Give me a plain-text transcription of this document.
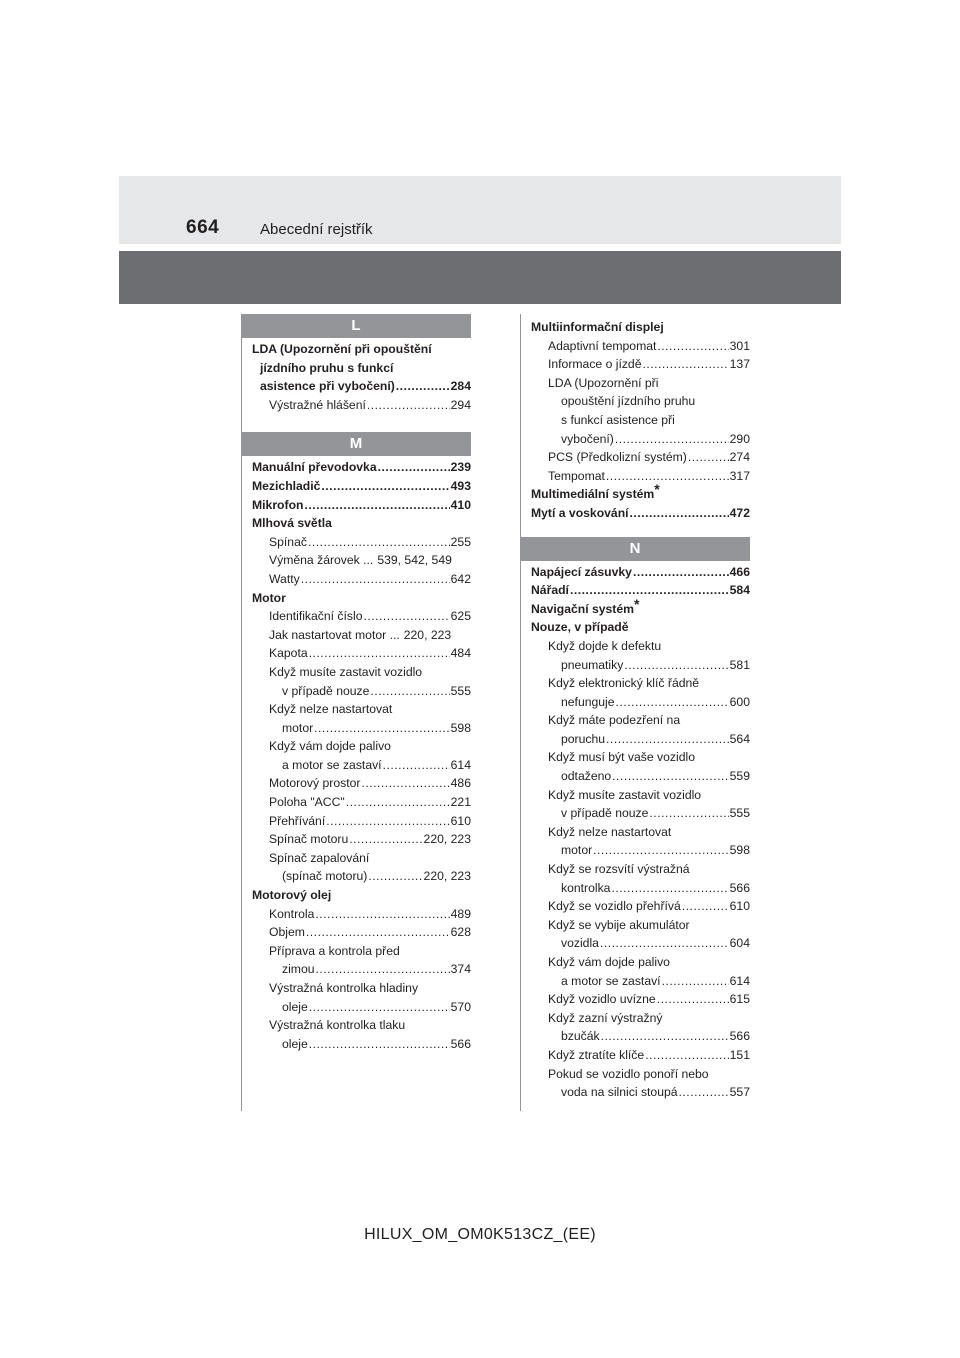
664	Abecední rejstřík
L
LDA (Upozornění při opouštění
jízdního pruhu s funkcí
asistence při vybočení) .....	284
Výstražné hlášení .....	294
M
Manuální převodovka .....	239
Mezichladič .....	493
Mikrofon .....	410
Mlhová světla
Spínač .....	255
Výměna žárovek ... 539, 542, 549
Watty .....	642
Motor
Identifikační číslo .....	625
Jak nastartovat motor ... 220, 223
Kapota .....	484
Když musíte zastavit vozidlo
v případě nouze .....	555
Když nelze nastartovat
motor .....	598
Když vám dojde palivo
a motor se zastaví .....	614
Motorový prostor .....	486
Poloha "ACC" .....	221
Přehřívání .....	610
Spínač motoru .....	220, 223
Spínač zapalování
(spínač motoru) .....	220, 223
Motorový olej
Kontrola .....	489
Objem .....	628
Příprava a kontrola před
zimou .....	374
Výstražná kontrolka hladiny
oleje .....	570
Výstražná kontrolka tlaku
oleje .....	566
Multiinformační displej
Adaptivní tempomat .....	301
Informace o jízdě .....	137
LDA (Upozornění při
opouštění jízdního pruhu
s funkcí asistence při
vybočení) .....	290
PCS (Předkolizní systém) .....	274
Tempomat .....	317
Multimediální systém*
Mytí a voskování .....	472
N
Napájecí zásuvky .....	466
Nářadí .....	584
Navigační systém*
Nouze, v případě
Když dojde k defektu
pneumatiky .....	581
Když elektronický klíč řádně
nefunguje .....	600
Když máte podezření na
poruchu .....	564
Když musí být vaše vozidlo
odtaženo .....	559
Když musíte zastavit vozidlo
v případě nouze .....	555
Když nelze nastartovat
motor .....	598
Když se rozsvítí výstražná
kontrolka .....	566
Když se vozidlo přehřívá .....	610
Když se vybije akumulátor
vozidla .....	604
Když vám dojde palivo
a motor se zastaví .....	614
Když vozidlo uvízne .....	615
Když zazní výstražný
bzučák .....	566
Když ztratíte klíče .....	151
Pokud se vozidlo ponoří nebo
voda na silnici stoupá .....	557
HILUX_OM_OM0K513CZ_(EE)
